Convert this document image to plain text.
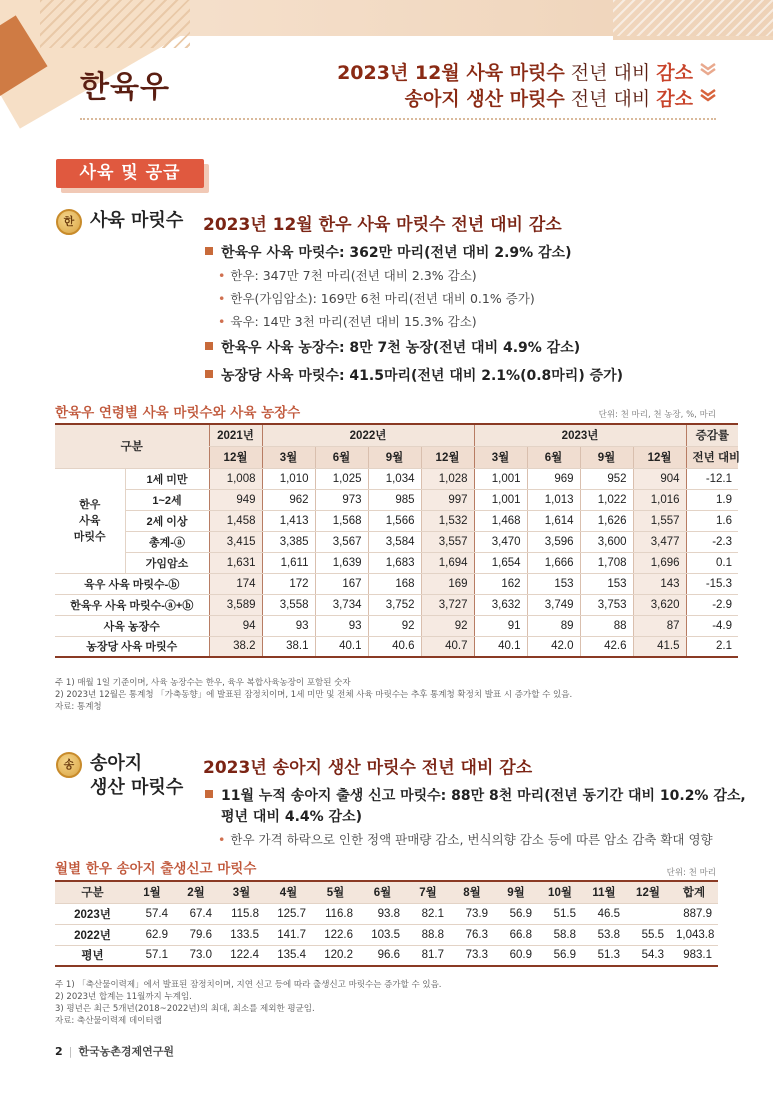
한육우	2023년 12월 사육 마릿수 전년 대비 감소
송아지 생산 마릿수 전년 대비 감소
사육 및 공급
한 사육 마릿수 2023년 12월 한우 사육 마릿수 전년 대비 감소
한육우 사육 마릿수: 362만 마리(전년 대비 2.9% 감소)
• 한우: 347만 7천 마리(전년 대비 2.3% 감소)
• 한우(가임암소): 169만 6천 마리(전년 대비 0.1% 증가)
• 육우: 14만 3천 마리(전년 대비 15.3% 감소)
한육우 사육 농장수: 8만 7천 농장(전년 대비 4.9% 감소)
농장당 사육 마릿수: 41.5마리(전년 대비 2.1%(0.8마리) 증가)
한육우 연령별 사육 마릿수와 사육 농장수	단위: 천 마리, 천 농장, %, 마리
구분		2021년	2022년				2023년				증감률
		12월	3월	6월	9월	12월	3월	6월	9월	12월	전년 대비

한우
사육
마릿수	1세 미만	1,008	1,010	1,025	1,034	1,028	1,001	969	952	904	-12.1
	1~2세	949	962	973	985	997	1,001	1,013	1,022	1,016	1.9
	2세 이상	1,458	1,413	1,568	1,566	1,532	1,468	1,614	1,626	1,557	1.6
	총계-ⓐ	3,415	3,385	3,567	3,584	3,557	3,470	3,596	3,600	3,477	-2.3
	가임암소	1,631	1,611	1,639	1,683	1,694	1,654	1,666	1,708	1,696	0.1
육우 사육 마릿수-ⓑ		174	172	167	168	169	162	153	153	143	-15.3
한육우 사육 마릿수-ⓐ+ⓑ		3,589	3,558	3,734	3,752	3,727	3,632	3,749	3,753	3,620	-2.9
사육 농장수		94	93	93	92	92	91	89	88	87	-4.9
농장당 사육 마릿수		38.2	38.1	40.1	40.6	40.7	40.1	42.0	42.6	41.5	2.1
주 1) 매월 1일 기준이며, 사육 농장수는 한우, 육우 복합사육농장이 포함된 숫자
2) 2023년 12월은 통계청 「가축동향」에 발표된 잠정치이며, 1세 미만 및 전체 사육 마릿수는 추후 통계청 확정치 발표 시 증가할 수 있음.
자료: 통계청
송 송아지
생산 마릿수
2023년 송아지 생산 마릿수 전년 대비 감소
11월 누적 송아지 출생 신고 마릿수: 88만 8천 마리(전년 동기간 대비 10.2% 감소,
평년 대비 4.4% 감소)
• 한우 가격 하락으로 인한 정액 판매량 감소, 번식의향 감소 등에 따른 암소 감축 확대 영향
월별 한우 송아지 출생신고 마릿수	단위: 천 마리
구분	1월	2월	3월	4월	5월	6월	7월	8월	9월	10월	11월	12월	합계
2023년	57.4	67.4	115.8	125.7	116.8	93.8	82.1	73.9	56.9	51.5	46.5		887.9
2022년	62.9	79.6	133.5	141.7	122.6	103.5	88.8	76.3	66.8	58.8	53.8	55.5	1,043.8
평년	57.1	73.0	122.4	135.4	120.2	96.6	81.7	73.3	60.9	56.9	51.3	54.3	983.1
주 1) 「축산물이력제」에서 발표된 잠정치이며, 지연 신고 등에 따라 출생신고 마릿수는 증가할 수 있음.
2) 2023년 합계는 11월까지 누계임.
3) 평년은 최근 5개년(2018~2022년)의 최대, 최소를 제외한 평균임.
자료: 축산물이력제 데이터랩
2 | 한국농촌경제연구원
